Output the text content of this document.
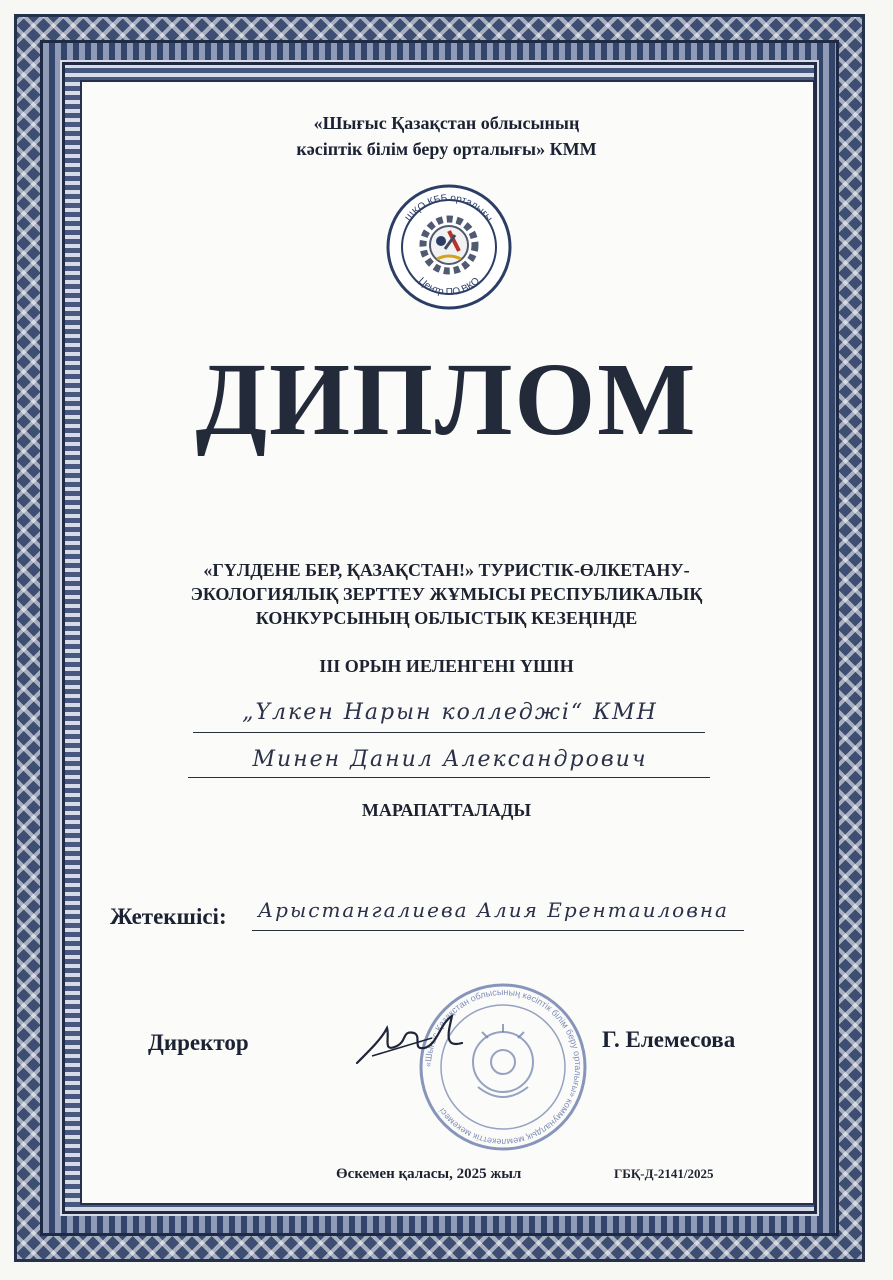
«Шығыс Қазақстан облысының
кәсіптік білім беру орталығы» КММ
ШҚО КББ орталығы
Центр ПО ВКО
ДИПЛОМ
«ГҮЛДЕНЕ БЕР, ҚАЗАҚСТАН!» ТУРИСТІК-ӨЛКЕТАНУ-
ЭКОЛОГИЯЛЫҚ ЗЕРТТЕУ ЖҰМЫСЫ РЕСПУБЛИКАЛЫҚ
КОНКУРСЫНЫҢ ОБЛЫСТЫҚ КЕЗЕҢІНДЕ
III ОРЫН ИЕЛЕНГЕНІ ҮШІН
„Үлкен Нарын колледжі“ КМН
Минен Данил Александрович
МАРАПАТТАЛАДЫ
Жетекшісі: Арыстангалиева Алия Ерентаиловна
Директор
«Шығыс Қазақстан облысының кәсіптік білім беру орталығы» коммуналдық мемлекеттік мекемесі
Г. Елемесова
Өскемен қаласы, 2025 жыл	ГБҚ-Д-2141/2025
